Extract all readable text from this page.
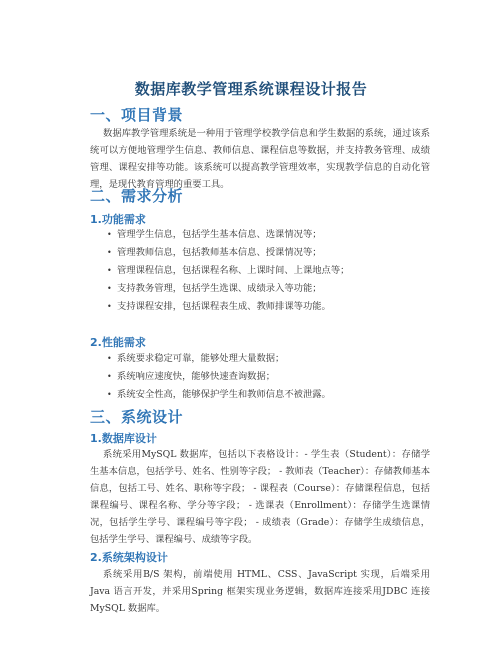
数据库教学管理系统课程设计报告
一、项目背景

数据库教学管理系统是一种用于管理学校教学信息和学生数据的系统，通过该系统可以方便地管理学生信息、教师信息、课程信息等数据，并支持教务管理、成绩管理、课程安排等功能。该系统可以提高教学管理效率，实现教学信息的自动化管理，是现代教育管理的重要工具。

二、需求分析
1.功能需求
• 管理学生信息，包括学生基本信息、选课情况等；
• 管理教师信息，包括教师基本信息、授课情况等；
• 管理课程信息，包括课程名称、上课时间、上课地点等；
• 支持教务管理，包括学生选课、成绩录入等功能；
• 支持课程安排，包括课程表生成、教师排课等功能。
2.性能需求
• 系统要求稳定可靠，能够处理大量数据；
• 系统响应速度快，能够快速查询数据；
• 系统安全性高，能够保护学生和教师信息不被泄露。
三、系统设计
1.数据库设计

系统采用MySQL 数据库，包括以下表格设计：- 学生表（Student）：存储学生基本信息，包括学号、姓名、性别等字段； - 教师表（Teacher）：存储教师基本信息，包括工号、姓名、职称等字段； - 课程表（Course）：存储课程信息，包括课程编号、课程名称、学分等字段； - 选课表（Enrollment）：存储学生选课情况，包括学生学号、课程编号等字段； - 成绩表（Grade）：存储学生成绩信息，包括学生学号、课程编号、成绩等字段。

2.系统架构设计

系统采用B/S 架构，前端使用 HTML、CSS、JavaScript 实现，后端采用Java 语言开发，并采用Spring 框架实现业务逻辑，数据库连接采用JDBC 连接MySQL 数据库。
